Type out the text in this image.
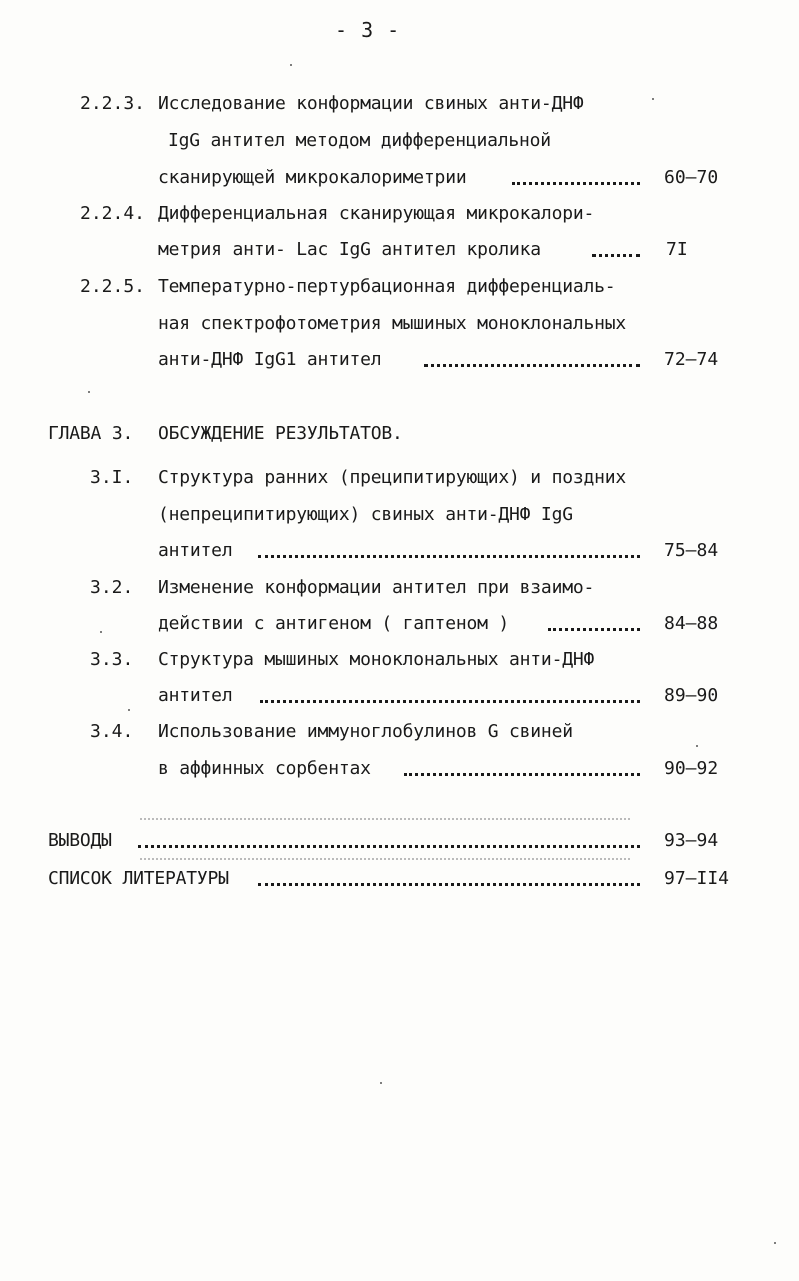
- 3 -
2.2.3. Исследование конформации свиных анти-ДНФ
IgG антител методом дифференциальной
сканирующей микрокалориметрии	60–70
2.2.4. Дифференциальная сканирующая микрокалори-
метрия анти- Lac IgG антител кролика	7I
2.2.5. Температурно-пертурбационная дифференциаль-
ная спектрофотометрия мышиных моноклональных
анти-ДНФ IgG1 антител	72–74
ГЛАВА 3. ОБСУЖДЕНИЕ РЕЗУЛЬТАТОВ.
3.I. Структура ранних (преципитирующих) и поздних
(непреципитирующих) свиных анти-ДНФ IgG
антител	75–84
3.2. Изменение конформации антител при взаимо-
действии с антигеном ( гаптеном )	84–88
3.3. Структура мышиных моноклональных анти-ДНФ
антител	89–90
3.4. Использование иммуноглобулинов G свиней
в аффинных сорбентах	90–92
ВЫВОДЫ	93–94
СПИСОК ЛИТЕРАТУРЫ	97–II4
